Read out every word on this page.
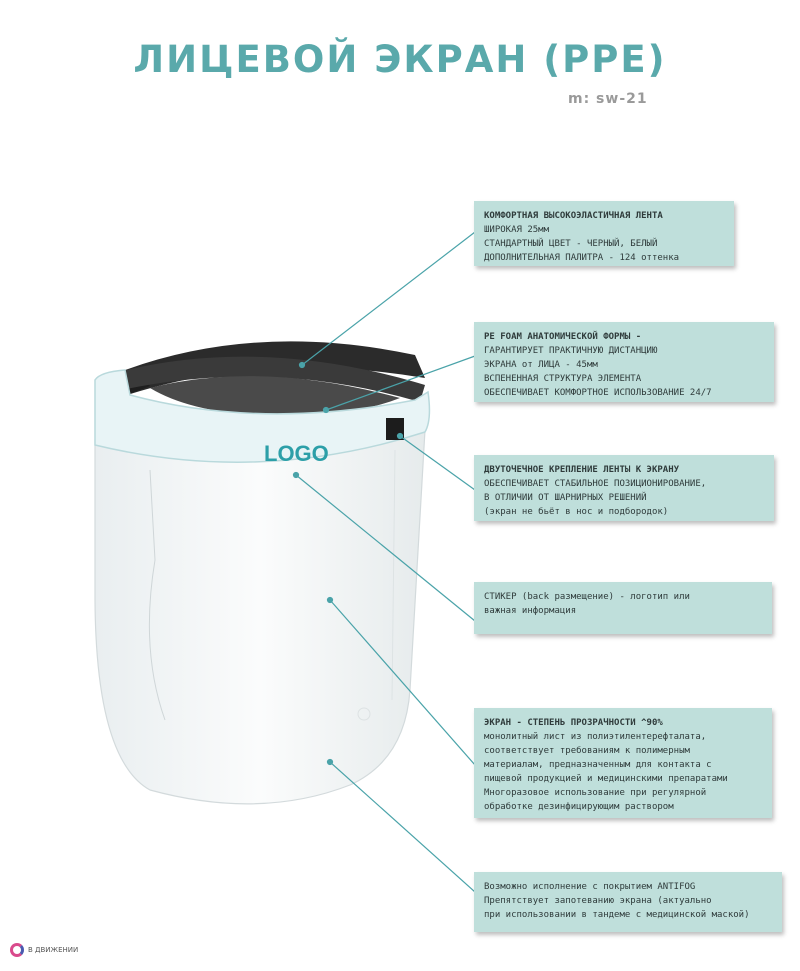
ЛИЦЕВОЙ ЭКРАН (PPE)
m: sw-21
LOGO
КОМФОРТНАЯ ВЫСОКОЭЛАСТИЧНАЯ ЛЕНТА
ШИРОКАЯ 25мм
СТАНДАРТНЫЙ ЦВЕТ - ЧЕРНЫЙ, БЕЛЫЙ
ДОПОЛНИТЕЛЬНАЯ ПАЛИТРА - 124 оттенка
PE FOAM АНАТОМИЧЕСКОЙ ФОРМЫ -
ГАРАНТИРУЕТ ПРАКТИЧНУЮ ДИСТАНЦИЮ
ЭКРАНА от ЛИЦА - 45мм
ВСПЕНЕННАЯ СТРУКТУРА ЭЛЕМЕНТА
ОБЕСПЕЧИВАЕТ КОМФОРТНОЕ ИСПОЛЬЗОВАНИЕ 24/7
ДВУТОЧЕЧНОЕ КРЕПЛЕНИЕ ЛЕНТЫ К ЭКРАНУ
ОБЕСПЕЧИВАЕТ СТАБИЛЬНОЕ ПОЗИЦИОНИРОВАНИЕ,
В ОТЛИЧИИ ОТ ШАРНИРНЫХ РЕШЕНИЙ
(экран не бьёт в нос и подбородок)
СТИКЕР (back размещение) - логотип или
важная информация
ЭКРАН - СТЕПЕНЬ ПРОЗРАЧНОСТИ ^90%
монолитный лист из полиэтилентерефталата,
соответствует требованиям к полимерным
материалам, предназначенным для контакта с
пищевой продукцией и медицинскими препаратами
Многоразовое использование при регулярной
обработке дезинфицирующим раствором
Возможно исполнение с покрытием ANTIFOG
Препятствует запотеванию экрана (актуально
при использовании в тандеме с медицинской маской)
В ДВИЖЕНИИ
